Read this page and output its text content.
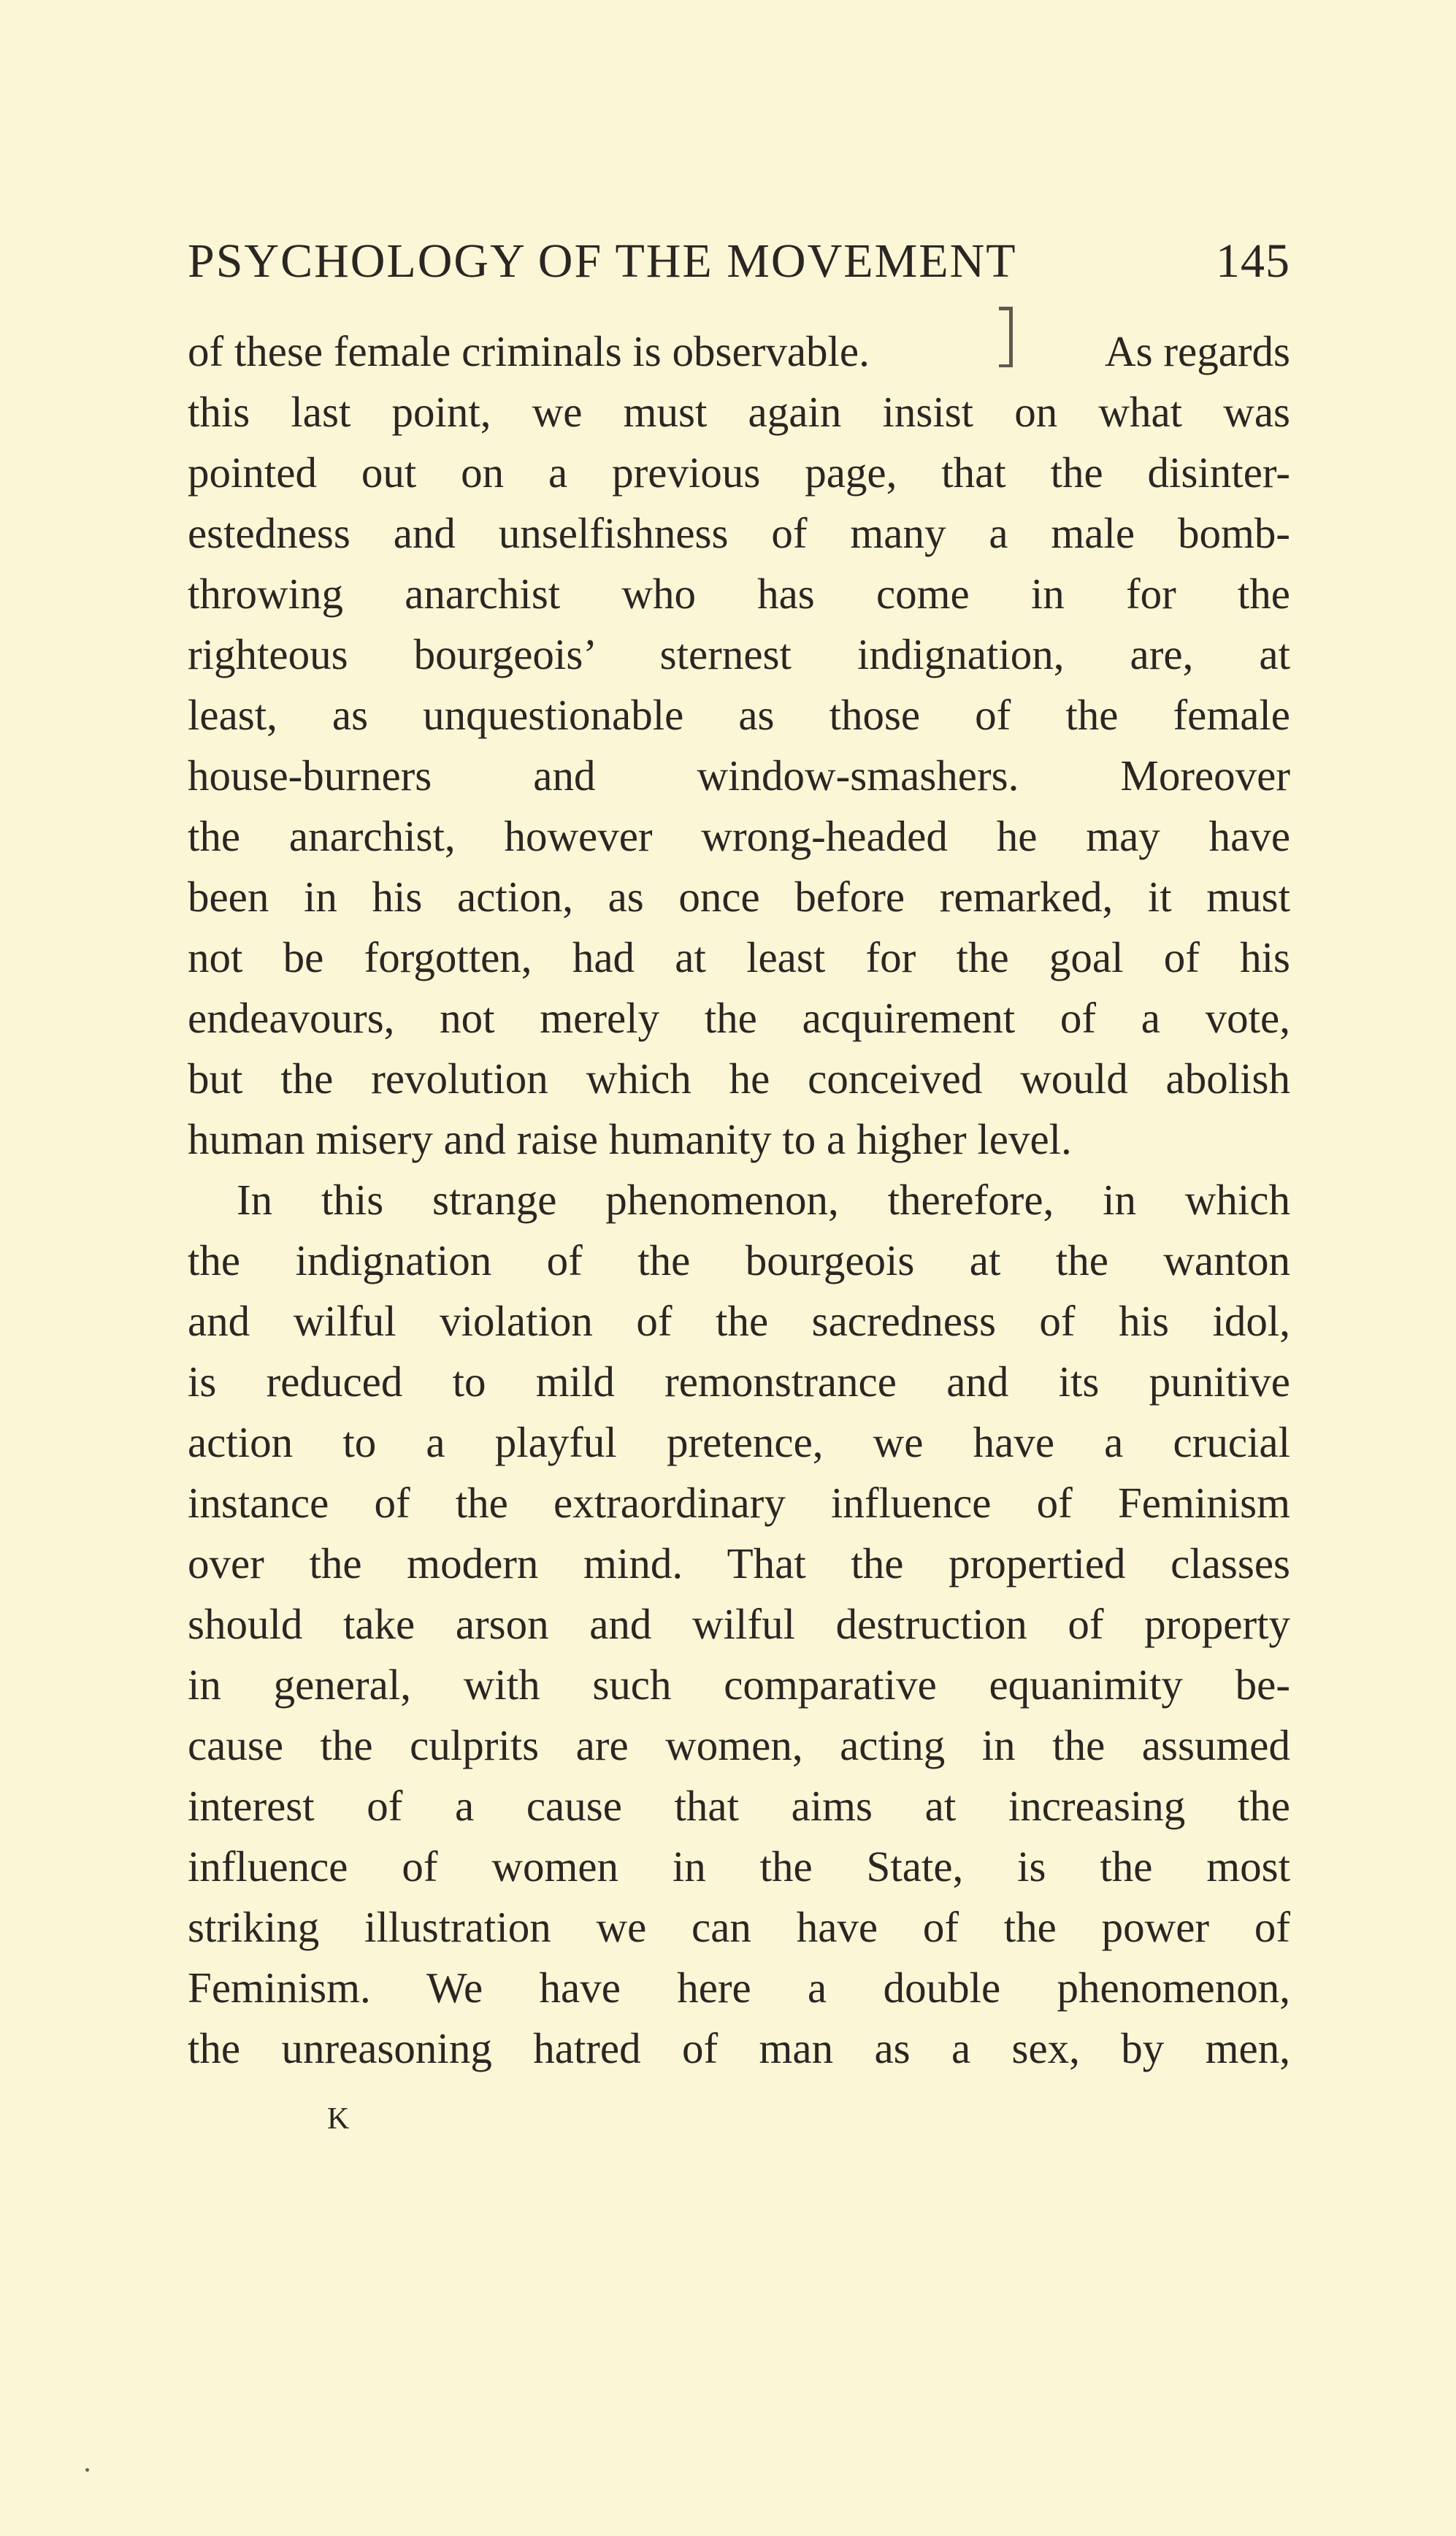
PSYCHOLOGY OF THE MOVEMENT	145
of these female criminals is observable.	As regards
this last point, we must again insist on what was
pointed out on a previous page, that the disinter-
estedness and unselfishness of many a male bomb-
throwing anarchist who has come in for the
righteous bourgeois’ sternest indignation, are, at
least, as unquestionable as those of the female
house-burners and window-smashers. Moreover
the anarchist, however wrong-headed he may have
been in his action, as once before remarked, it must
not be forgotten, had at least for the goal of his
endeavours, not merely the acquirement of a vote,
but the revolution which he conceived would abolish
human misery and raise humanity to a higher level.
In this strange phenomenon, therefore, in which
the indignation of the bourgeois at the wanton
and wilful violation of the sacredness of his idol,
is reduced to mild remonstrance and its punitive
action to a playful pretence, we have a crucial
instance of the extraordinary influence of Feminism
over the modern mind. That the propertied classes
should take arson and wilful destruction of property
in general, with such comparative equanimity be-
cause the culprits are women, acting in the assumed
interest of a cause that aims at increasing the
influence of women in the State, is the most
striking illustration we can have of the power of
Feminism. We have here a double phenomenon,
the unreasoning hatred of man as a sex, by men,
K
